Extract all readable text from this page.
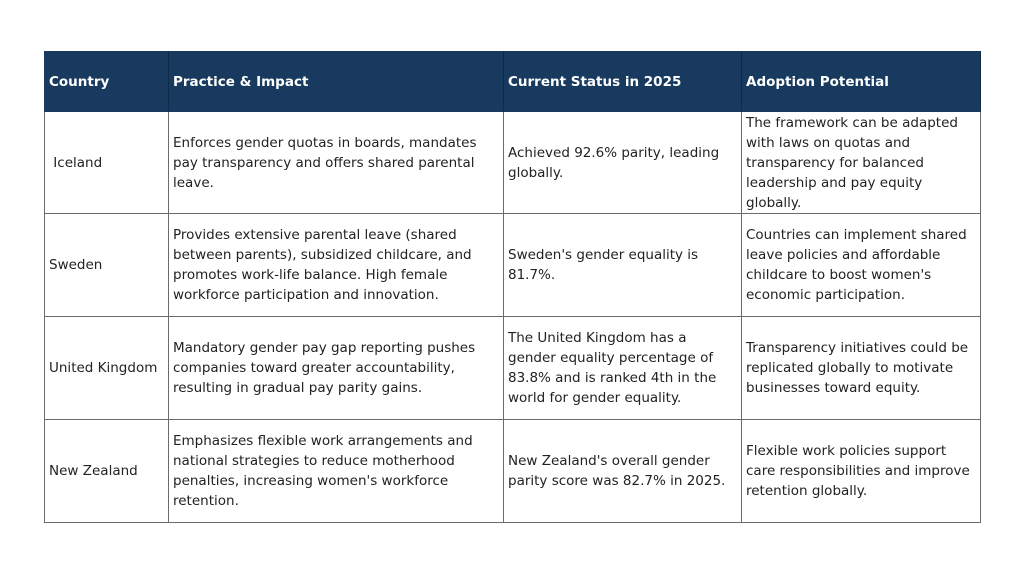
Country	Practice & Impact	Current Status in 2025	Adoption Potential
Iceland	Enforces gender quotas in boards, mandates pay transparency and offers shared parental leave.	Achieved 92.6% parity, leading globally.	The framework can be adapted with laws on quotas and transparency for balanced leadership and pay equity globally.
Sweden	Provides extensive parental leave (shared between parents), subsidized childcare, and promotes work-life balance. High female workforce participation and innovation.	Sweden's gender equality is 81.7%.	Countries can implement shared leave policies and affordable childcare to boost women's economic participation.
United Kingdom	Mandatory gender pay gap reporting pushes companies toward greater accountability, resulting in gradual pay parity gains.	The United Kingdom has a gender equality percentage of 83.8% and is ranked 4th in the world for gender equality.	Transparency initiatives could be replicated globally to motivate businesses toward equity.
New Zealand	Emphasizes flexible work arrangements and national strategies to reduce motherhood penalties, increasing women's workforce retention.	New Zealand's overall gender parity score was 82.7% in 2025.	Flexible work policies support care responsibilities and improve retention globally.
